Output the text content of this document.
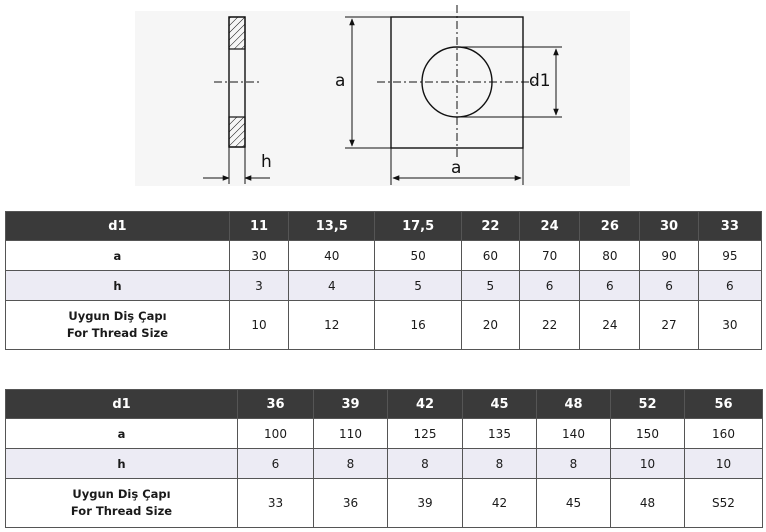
a	d1
h	a
d1	11	13,5	17,5	22	24	26	30	33
a	30	40	50	60	70	80	90	95
h	3	4	5	5	6	6	6	6

Uygun Diş Çapı
For Thread Size	10	12	16	20	22	24	27	30
d1	36	39	42	45	48	52	56
a	100	110	125	135	140	150	160
h	6	8	8	8	8	10	10

Uygun Diş Çapı
For Thread Size	33	36	39	42	45	48	S52
